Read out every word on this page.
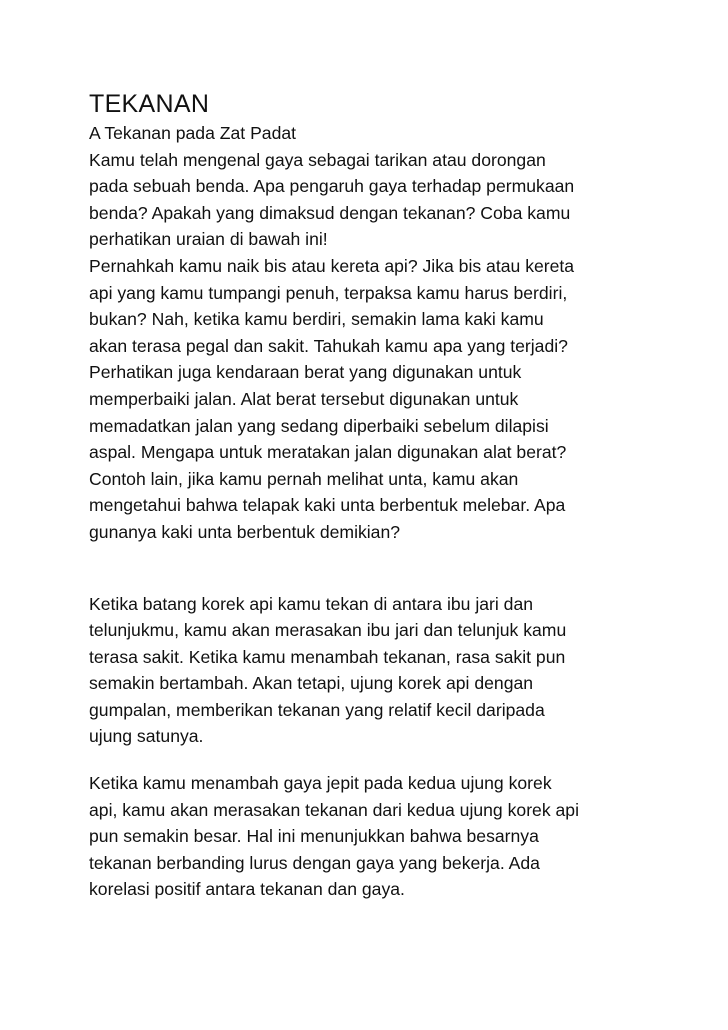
TEKANAN
A Tekanan pada Zat Padat
Kamu telah mengenal gaya sebagai tarikan atau dorongan
pada sebuah benda. Apa pengaruh gaya terhadap permukaan
benda? Apakah yang dimaksud dengan tekanan? Coba kamu
perhatikan uraian di bawah ini!
Pernahkah kamu naik bis atau kereta api? Jika bis atau kereta
api yang kamu tumpangi penuh, terpaksa kamu harus berdiri,
bukan? Nah, ketika kamu berdiri, semakin lama kaki kamu
akan terasa pegal dan sakit. Tahukah kamu apa yang terjadi?
Perhatikan juga kendaraan berat yang digunakan untuk
memperbaiki jalan. Alat berat tersebut digunakan untuk
memadatkan jalan yang sedang diperbaiki sebelum dilapisi
aspal. Mengapa untuk meratakan jalan digunakan alat berat?
Contoh lain, jika kamu pernah melihat unta, kamu akan
mengetahui bahwa telapak kaki unta berbentuk melebar. Apa
gunanya kaki unta berbentuk demikian?
Ketika batang korek api kamu tekan di antara ibu jari dan
telunjukmu, kamu akan merasakan ibu jari dan telunjuk kamu
terasa sakit. Ketika kamu menambah tekanan, rasa sakit pun
semakin bertambah. Akan tetapi, ujung korek api dengan
gumpalan, memberikan tekanan yang relatif kecil daripada
ujung satunya.
Ketika kamu menambah gaya jepit pada kedua ujung korek
api, kamu akan merasakan tekanan dari kedua ujung korek api
pun semakin besar. Hal ini menunjukkan bahwa besarnya
tekanan berbanding lurus dengan gaya yang bekerja. Ada
korelasi positif antara tekanan dan gaya.
